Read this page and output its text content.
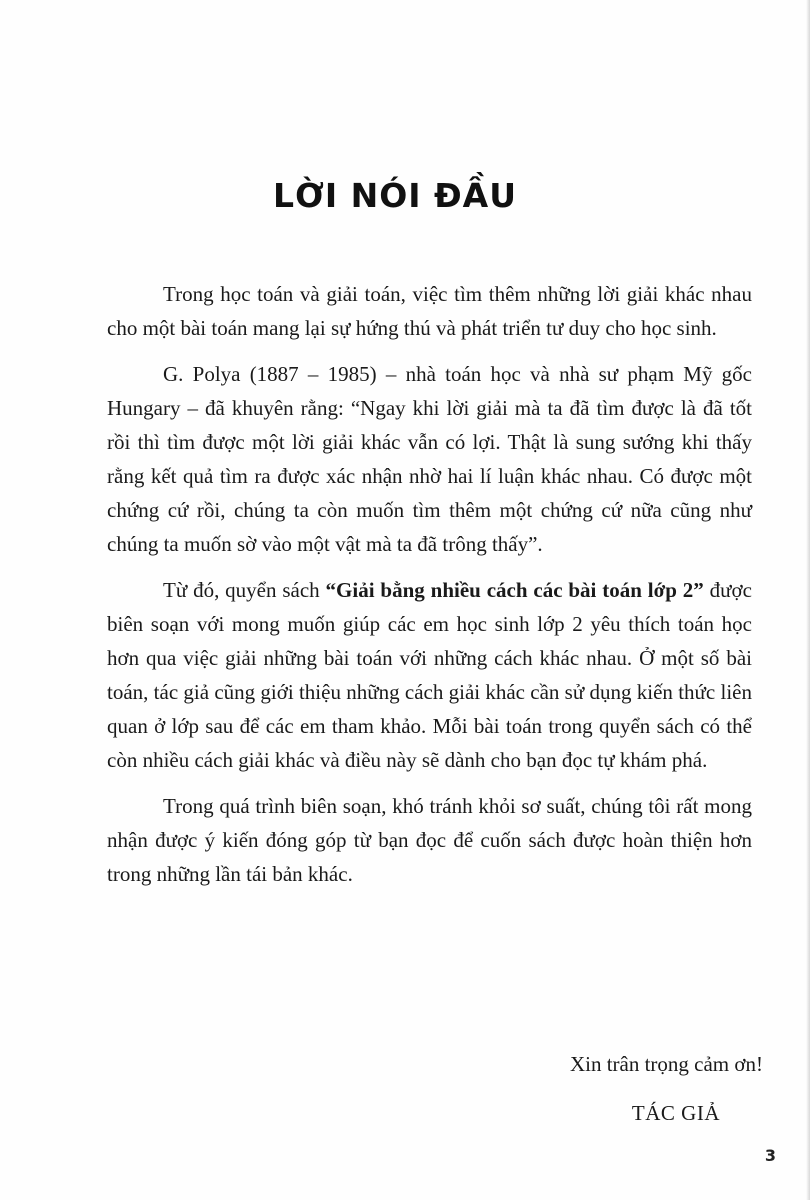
LỜI NÓI ĐẦU

Trong học toán và giải toán, việc tìm thêm những lời giải khác nhau cho một bài toán mang lại sự hứng thú và phát triển tư duy cho học sinh.

G. Polya (1887 – 1985) – nhà toán học và nhà sư phạm Mỹ gốc Hungary – đã khuyên rằng: “Ngay khi lời giải mà ta đã tìm được là đã tốt rồi thì tìm được một lời giải khác vẫn có lợi. Thật là sung sướng khi thấy rằng kết quả tìm ra được xác nhận nhờ hai lí luận khác nhau. Có được một chứng cứ rồi, chúng ta còn muốn tìm thêm một chứng cứ nữa cũng như chúng ta muốn sờ vào một vật mà ta đã trông thấy”.

Từ đó, quyển sách “Giải bằng nhiều cách các bài toán lớp 2” được biên soạn với mong muốn giúp các em học sinh lớp 2 yêu thích toán học hơn qua việc giải những bài toán với những cách khác nhau. Ở một số bài toán, tác giả cũng giới thiệu những cách giải khác cần sử dụng kiến thức liên quan ở lớp sau để các em tham khảo. Mỗi bài toán trong quyển sách có thể còn nhiều cách giải khác và điều này sẽ dành cho bạn đọc tự khám phá.

Trong quá trình biên soạn, khó tránh khỏi sơ suất, chúng tôi rất mong nhận được ý kiến đóng góp từ bạn đọc để cuốn sách được hoàn thiện hơn trong những lần tái bản khác.

Xin trân trọng cảm ơn!
TÁC GIẢ
3
